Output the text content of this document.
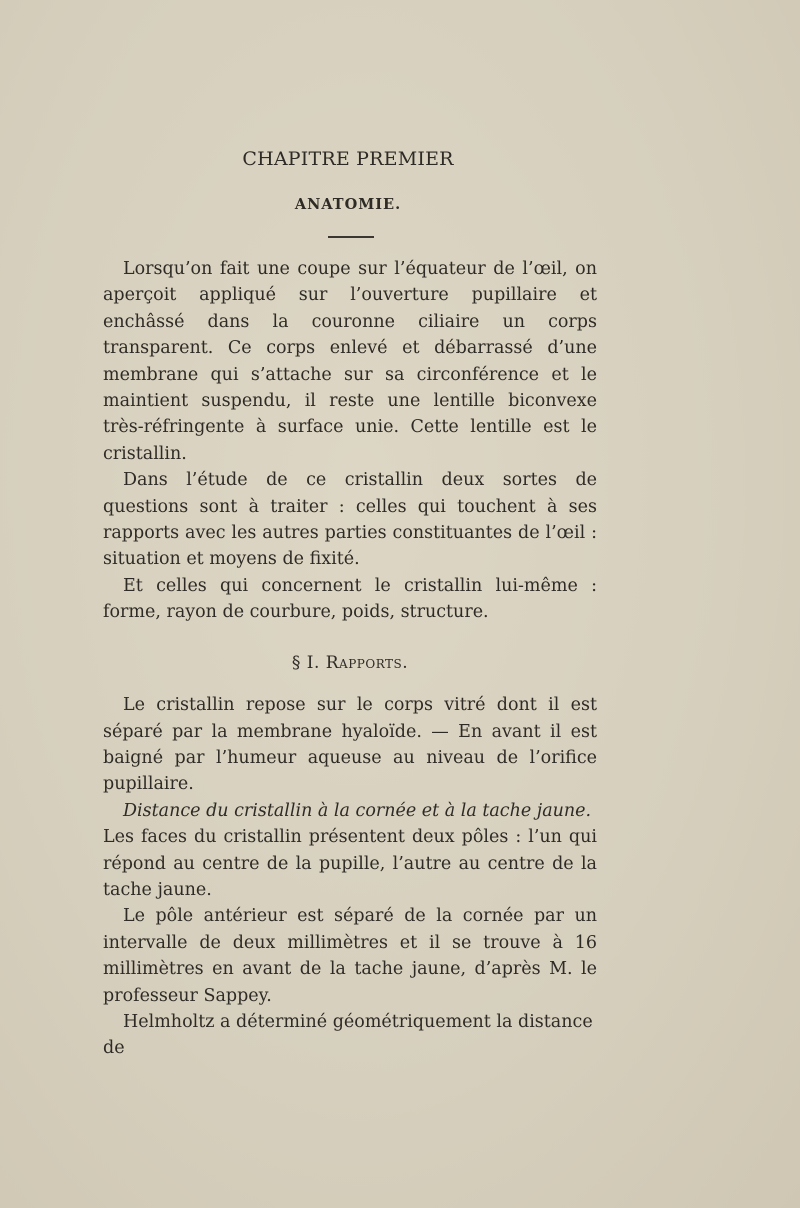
CHAPITRE PREMIER
ANATOMIE.

Lorsqu’on fait une coupe sur l’équateur de l’œil, on aperçoit appliqué sur l’ouverture pupillaire et enchâssé dans la couronne ciliaire un corps transparent. Ce corps enlevé et débarrassé d’une membrane qui s’attache sur sa circonférence et le maintient suspendu, il reste une lentille biconvexe très-réfringente à surface unie. Cette lentille est le cristallin.

Dans l’étude de ce cristallin deux sortes de questions sont à traiter : celles qui touchent à ses rapports avec les autres parties constituantes de l’œil : situation et moyens de fixité.

Et celles qui concernent le cristallin lui-même : forme, rayon de courbure, poids, structure.

§ I. Rapports.

Le cristallin repose sur le corps vitré dont il est séparé par la membrane hyaloïde. — En avant il est baigné par l’humeur aqueuse au niveau de l’orifice pupillaire.

Distance du cristallin à la cornée et à la tache jaune.

Les faces du cristallin présentent deux pôles : l’un qui répond au centre de la pupille, l’autre au centre de la tache jaune.

Le pôle antérieur est séparé de la cornée par un intervalle de deux millimètres et il se trouve à 16 millimètres en avant de la tache jaune, d’après M. le professeur Sappey.

Helmholtz a déterminé géométriquement la distance de
